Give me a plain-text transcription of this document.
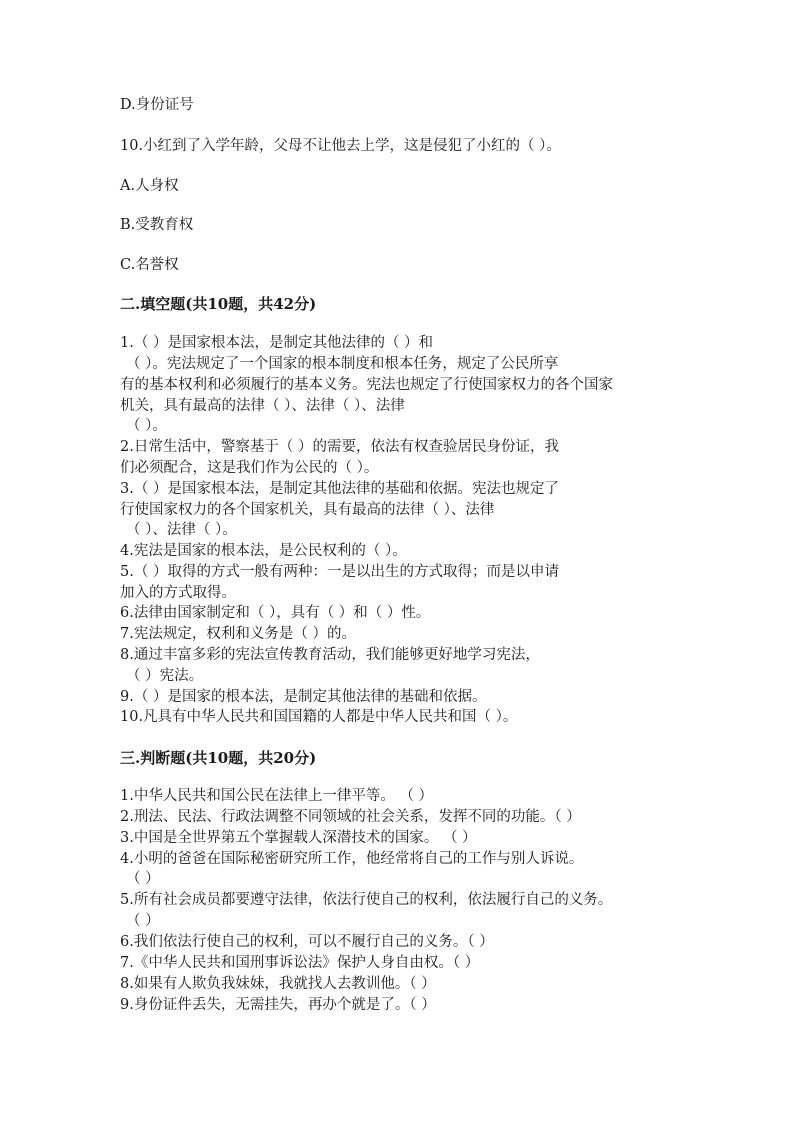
D.身份证号
10.小红到了入学年龄，父母不让他去上学，这是侵犯了小红的（ ）。
A.人身权
B.受教育权
C.名誉权
二.填空题(共10题，共42分)
1.（ ）是国家根本法，是制定其他法律的（ ）和
（ ）。宪法规定了一个国家的根本制度和根本任务，规定了公民所享
有的基本权利和必须履行的基本义务。宪法也规定了行使国家权力的各个国家
机关，具有最高的法律（ ）、法律（ ）、法律
（ ）。
2.日常生活中，警察基于（ ）的需要，依法有权查验居民身份证，我
们必须配合，这是我们作为公民的（ ）。
3.（ ）是国家根本法，是制定其他法律的基础和依据。宪法也规定了
行使国家权力的各个国家机关，具有最高的法律（ ）、法律
（ ）、法律（ ）。
4.宪法是国家的根本法，是公民权利的（ ）。
5.（ ）取得的方式一般有两种：一是以出生的方式取得；而是以申请
加入的方式取得。
6.法律由国家制定和（ ），具有（ ）和（ ）性。
7.宪法规定，权利和义务是（ ）的。
8.通过丰富多彩的宪法宣传教育活动，我们能够更好地学习宪法，
（ ）宪法。
9.（ ）是国家的根本法，是制定其他法律的基础和依据。
10.凡具有中华人民共和国国籍的人都是中华人民共和国（ ）。
三.判断题(共10题，共20分)
1.中华人民共和国公民在法律上一律平等。 （ ）
2.刑法、民法、行政法调整不同领域的社会关系，发挥不同的功能。（ ）
3.中国是全世界第五个掌握载人深潜技术的国家。 （ ）
4.小明的爸爸在国际秘密研究所工作，他经常将自己的工作与别人诉说。
（ ）
5.所有社会成员都要遵守法律，依法行使自己的权利，依法履行自己的义务。
（ ）
6.我们依法行使自己的权利，可以不履行自己的义务。（ ）
7.《中华人民共和国刑事诉讼法》保护人身自由权。（ ）
8.如果有人欺负我妹妹，我就找人去教训他。（ ）
9.身份证件丢失，无需挂失，再办个就是了。（ ）
